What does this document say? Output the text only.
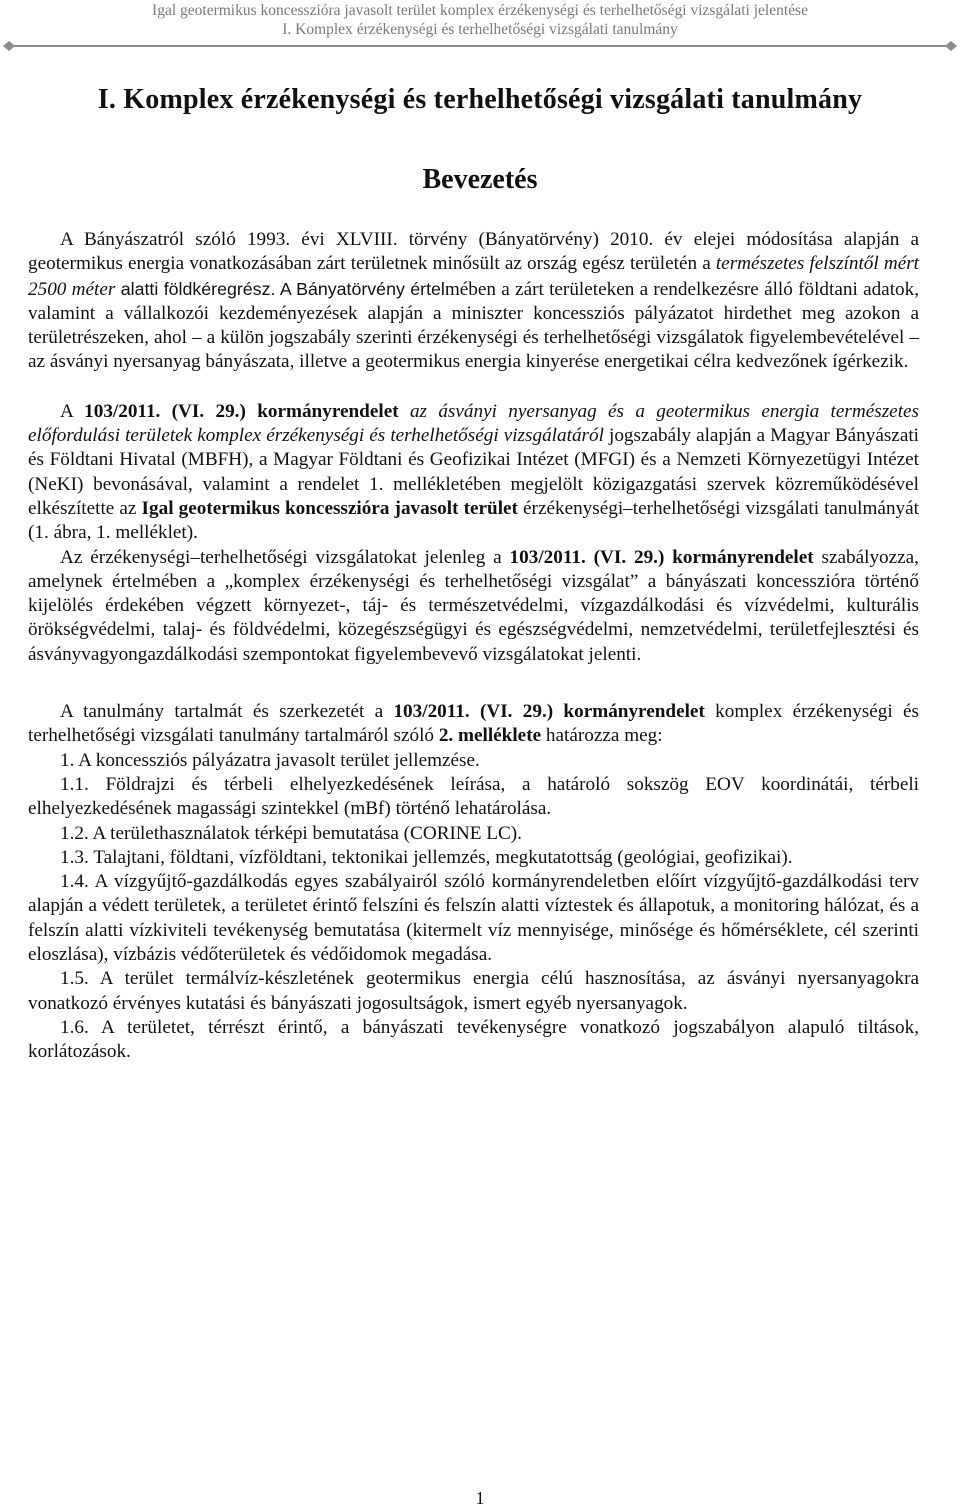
Igal geotermikus koncesszióra javasolt terület komplex érzékenységi és terhelhetőségi vizsgálati jelentése
I. Komplex érzékenységi és terhelhetőségi vizsgálati tanulmány
I. Komplex érzékenységi és terhelhetőségi vizsgálati tanulmány
Bevezetés

A Bányászatról szóló 1993. évi XLVIII. törvény (Bányatörvény) 2010. év elejei módosítása alapján a geotermikus energia vonatkozásában zárt területnek minősült az ország egész területén a természetes felszíntől mért 2500 méter alatti földkéregrész. A Bányatörvény értelmében a zárt területeken a rendelkezésre álló földtani adatok, valamint a vállalkozói kezdeményezések alapján a miniszter koncessziós pályázatot hirdethet meg azokon a területrészeken, ahol – a külön jogszabály szerinti érzékenységi és terhelhetőségi vizsgálatok figyelembevételével – az ásványi nyersanyag bányászata, illetve a geotermikus energia kinyerése energetikai célra kedvezőnek ígérkezik.

A 103/2011. (VI. 29.) kormányrendelet az ásványi nyersanyag és a geotermikus energia természetes előfordulási területek komplex érzékenységi és terhelhetőségi vizsgálatáról jogszabály alapján a Magyar Bányászati és Földtani Hivatal (MBFH), a Magyar Földtani és Geofizikai Intézet (MFGI) és a Nemzeti Környezetügyi Intézet (NeKI) bevonásával, valamint a rendelet 1. mellékletében megjelölt közigazgatási szervek közreműködésével elkészítette az Igal geotermikus koncesszióra javasolt terület érzékenységi–terhelhetőségi vizsgálati tanulmányát (1. ábra, 1. melléklet).

Az érzékenységi–terhelhetőségi vizsgálatokat jelenleg a 103/2011. (VI. 29.) kormányrendelet szabályozza, amelynek értelmében a „komplex érzékenységi és terhelhetőségi vizsgálat” a bányászati koncesszióra történő kijelölés érdekében végzett környezet-, táj- és természetvédelmi, vízgazdálkodási és vízvédelmi, kulturális örökségvédelmi, talaj- és földvédelmi, közegészségügyi és egészségvédelmi, nemzetvédelmi, területfejlesztési és ásványvagyongazdálkodási szempontokat figyelembevevő vizsgálatokat jelenti.

A tanulmány tartalmát és szerkezetét a 103/2011. (VI. 29.) kormányrendelet komplex érzékenységi és terhelhetőségi vizsgálati tanulmány tartalmáról szóló 2. melléklete határozza meg:

1. A koncessziós pályázatra javasolt terület jellemzése.

1.1. Földrajzi és térbeli elhelyezkedésének leírása, a határoló sokszög EOV koordinátái, térbeli elhelyezkedésének magassági szintekkel (mBf) történő lehatárolása.

1.2. A területhasználatok térképi bemutatása (CORINE LC).

1.3. Talajtani, földtani, vízföldtani, tektonikai jellemzés, megkutatottság (geológiai, geofizikai).

1.4. A vízgyűjtő-gazdálkodás egyes szabályairól szóló kormányrendeletben előírt vízgyűjtő-gazdálkodási terv alapján a védett területek, a területet érintő felszíni és felszín alatti víztestek és állapotuk, a monitoring hálózat, és a felszín alatti vízkiviteli tevékenység bemutatása (kitermelt víz mennyisége, minősége és hőmérséklete, cél szerinti eloszlása), vízbázis védőterületek és védőidomok megadása.

1.5. A terület termálvíz-készletének geotermikus energia célú hasznosítása, az ásványi nyersanyagokra vonatkozó érvényes kutatási és bányászati jogosultságok, ismert egyéb nyersanyagok.

1.6. A területet, térrészt érintő, a bányászati tevékenységre vonatkozó jogszabályon alapuló tiltások, korlátozások.

1
